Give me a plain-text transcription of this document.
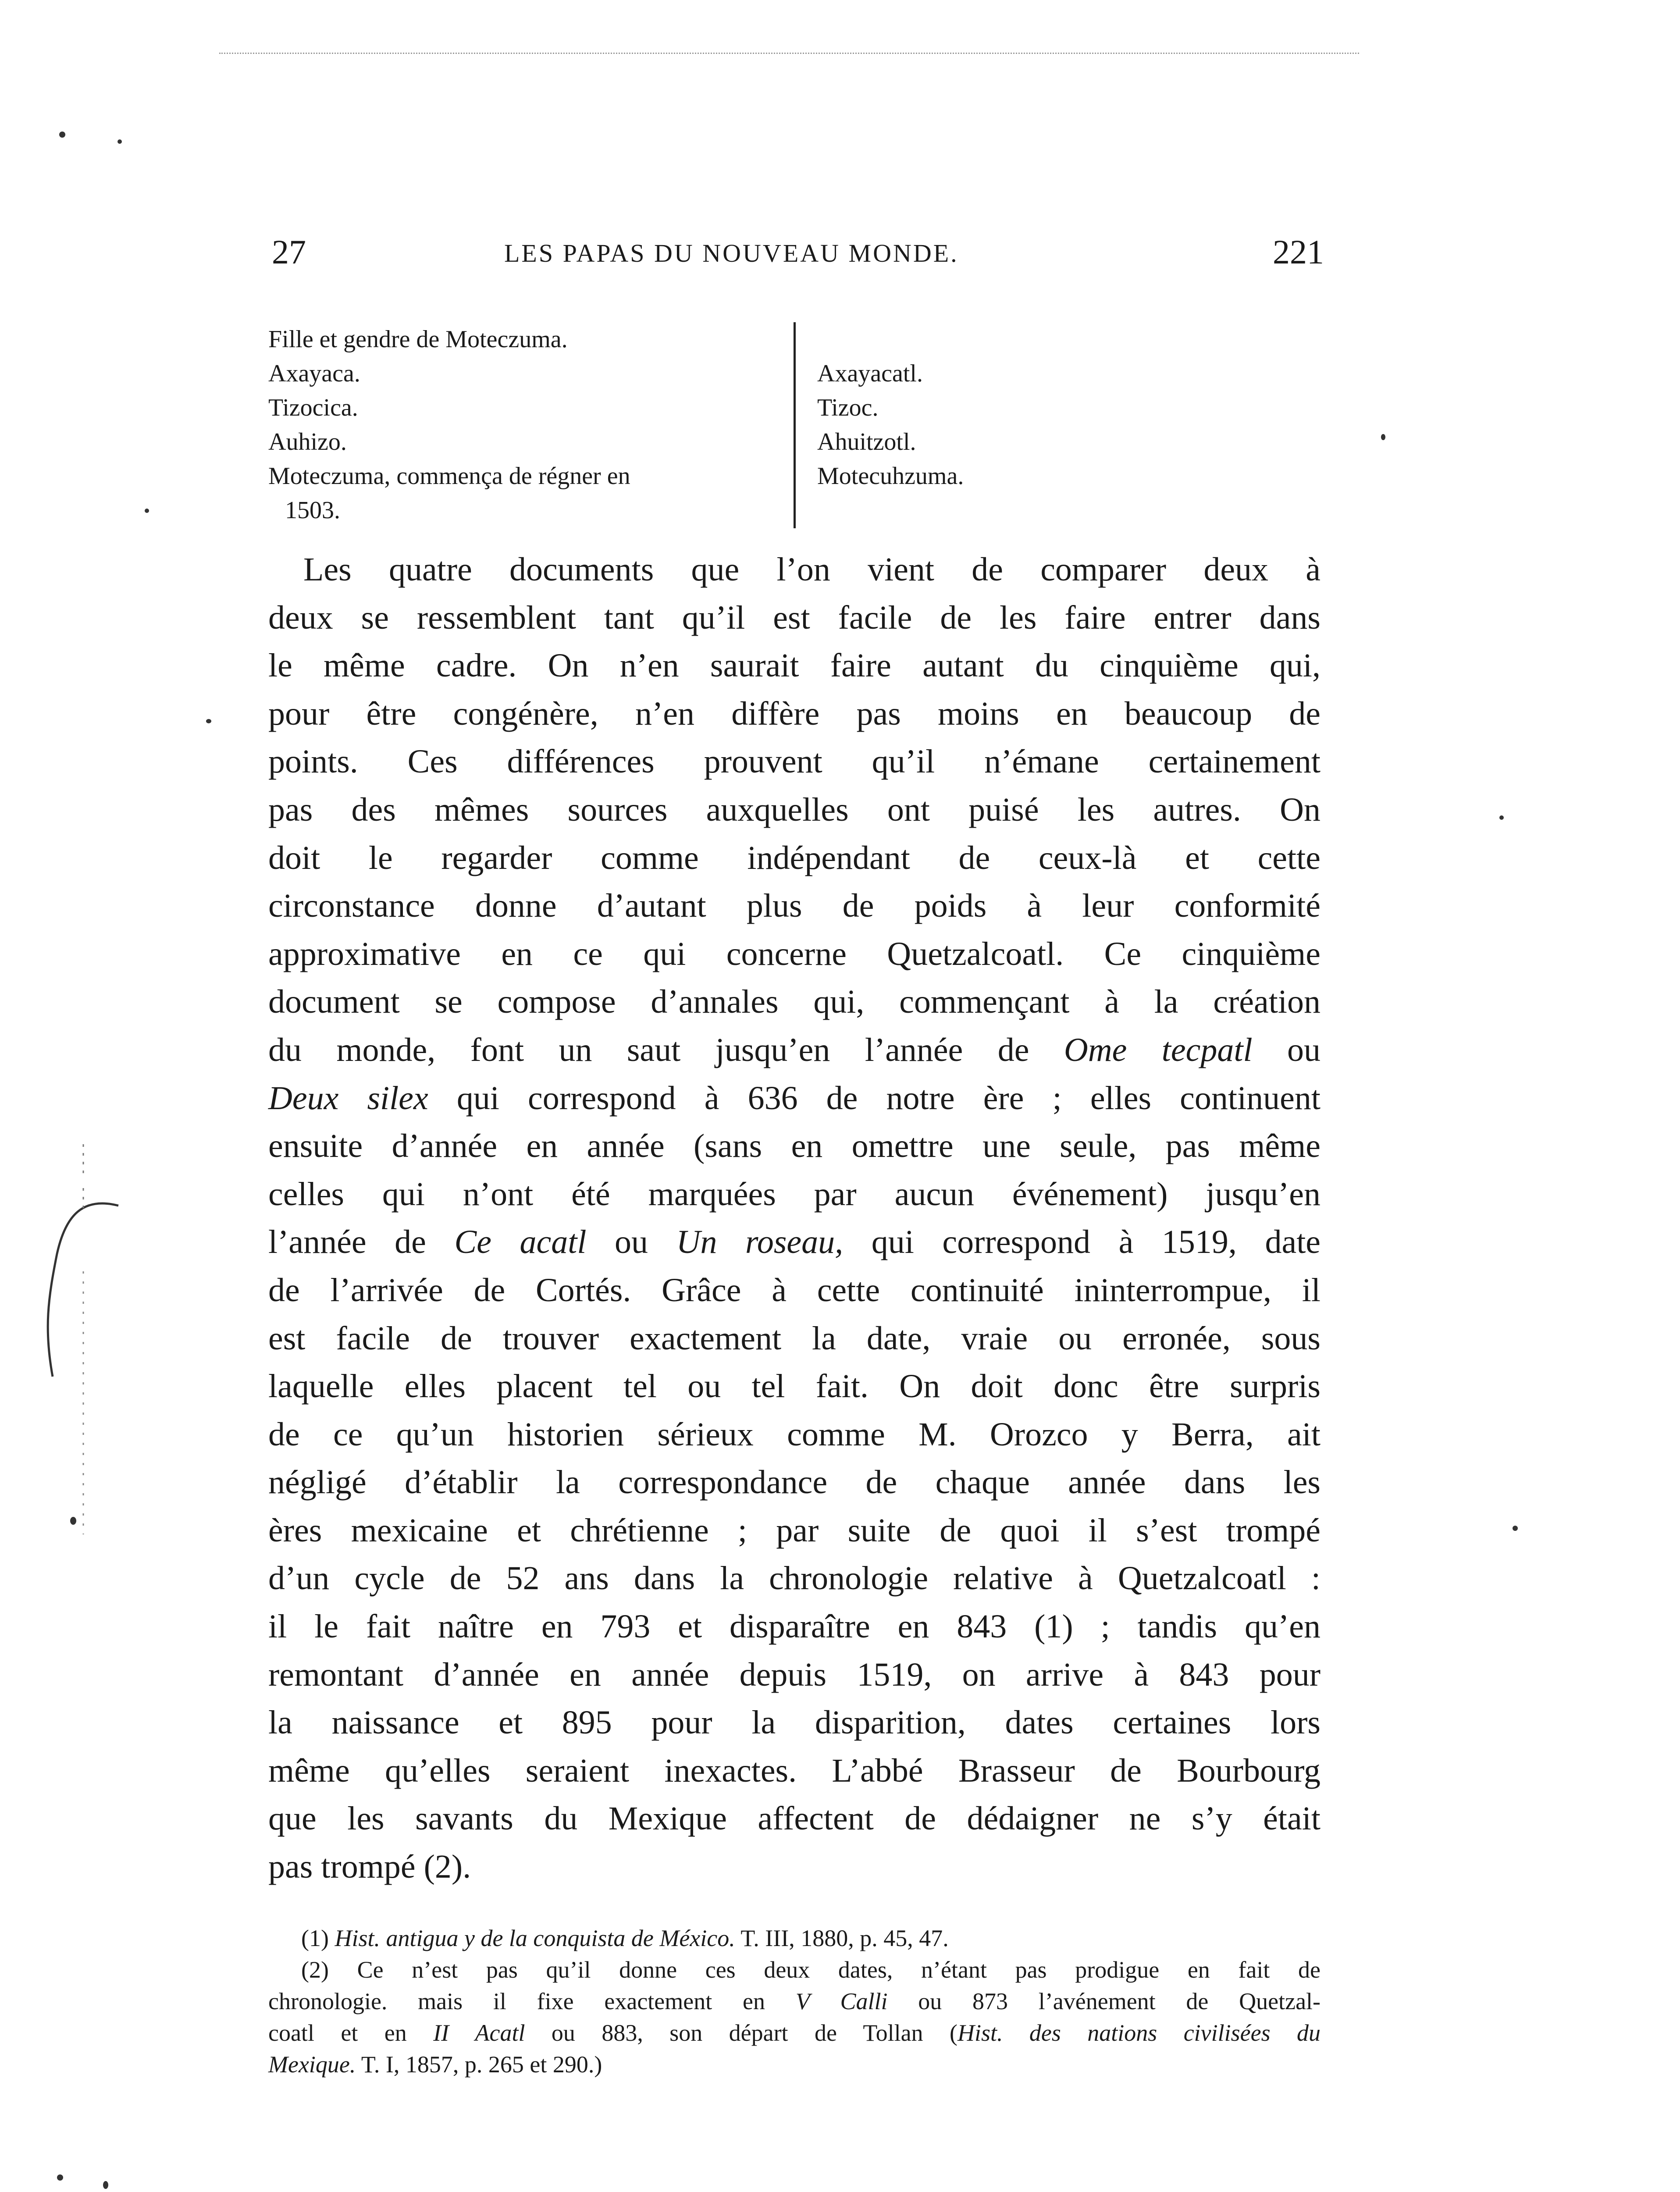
27	LES PAPAS DU NOUVEAU MONDE.	221
Fille et gendre de Moteczuma.
Axayaca.
Tizocica.
Auhizo.
Moteczuma, commença de régner en
1503.
Axayacatl.
Tizoc.
Ahuitzotl.
Motecuhzuma.
Les quatre documents que l’on vient de comparer deux à
deux se ressemblent tant qu’il est facile de les faire entrer dans
le même cadre. On n’en saurait faire autant du cinquième qui,
pour être congénère, n’en diffère pas moins en beaucoup de
points. Ces différences prouvent qu’il n’émane certainement
pas des mêmes sources auxquelles ont puisé les autres. On
doit le regarder comme indépendant de ceux-là et cette
circonstance donne d’autant plus de poids à leur conformité
approximative en ce qui concerne Quetzalcoatl. Ce cinquième
document se compose d’annales qui, commençant à la création
du monde, font un saut jusqu’en l’année de Ome tecpatl ou
Deux silex qui correspond à 636 de notre ère ; elles continuent
ensuite d’année en année (sans en omettre une seule, pas même
celles qui n’ont été marquées par aucun événement) jusqu’en
l’année de Ce acatl ou Un roseau, qui correspond à 1519, date
de l’arrivée de Cortés. Grâce à cette continuité ininterrompue, il
est facile de trouver exactement la date, vraie ou erronée, sous
laquelle elles placent tel ou tel fait. On doit donc être surpris
de ce qu’un historien sérieux comme M. Orozco y Berra, ait
négligé d’établir la correspondance de chaque année dans les
ères mexicaine et chrétienne ; par suite de quoi il s’est trompé
d’un cycle de 52 ans dans la chronologie relative à Quetzalcoatl :
il le fait naître en 793 et disparaître en 843 (1) ; tandis qu’en
remontant d’année en année depuis 1519, on arrive à 843 pour
la naissance et 895 pour la disparition, dates certaines lors
même qu’elles seraient inexactes. L’abbé Brasseur de Bourbourg
que les savants du Mexique affectent de dédaigner ne s’y était
pas trompé (2).
(1) Hist. antigua y de la conquista de México. T. III, 1880, p. 45, 47.
(2) Ce n’est pas qu’il donne ces deux dates, n’étant pas prodigue en fait de
chronologie. mais il fixe exactement en V Calli ou 873 l’avénement de Quetzal-
coatl et en II Acatl ou 883, son départ de Tollan (Hist. des nations civilisées du
Mexique. T. I, 1857, p. 265 et 290.)
